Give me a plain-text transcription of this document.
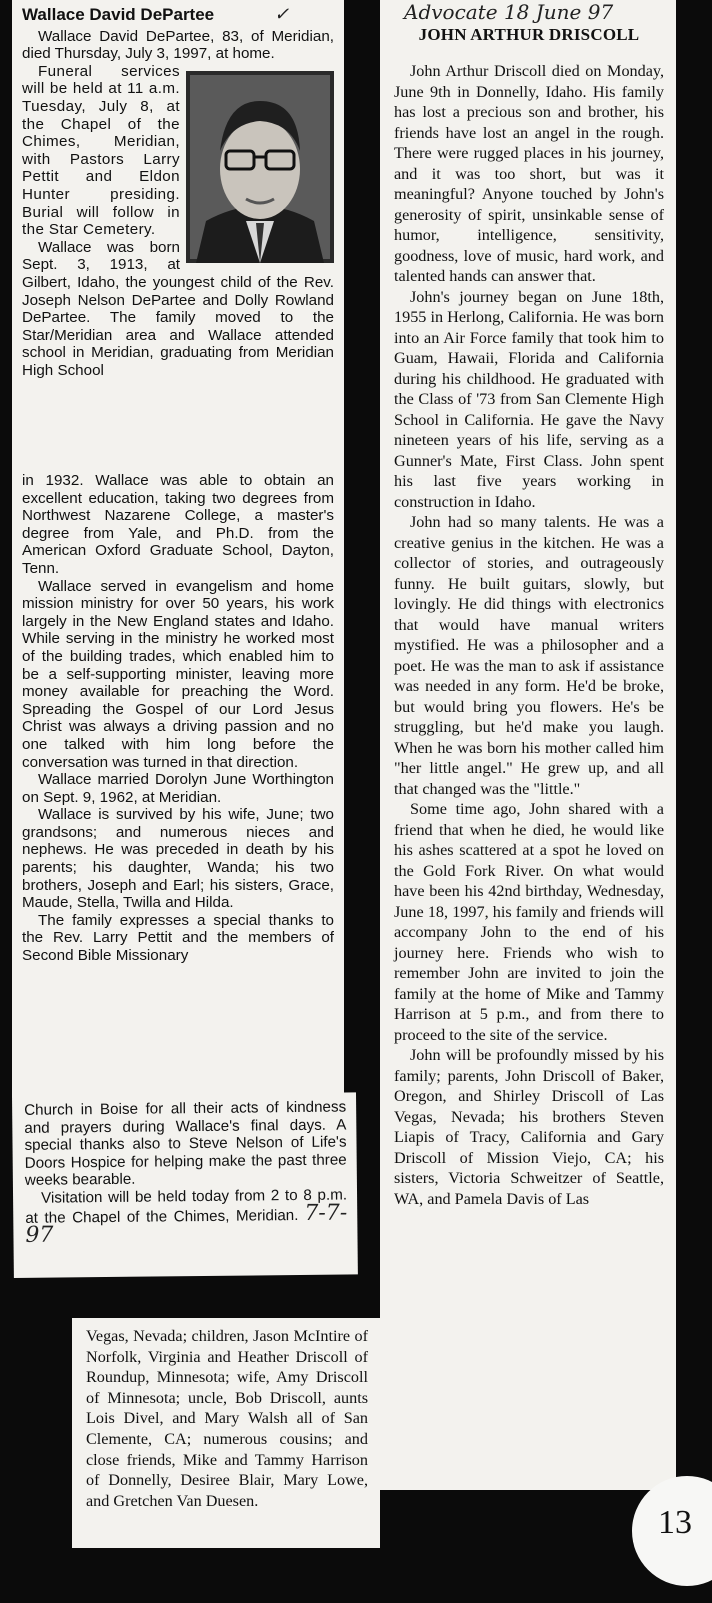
Wallace David DePartee	✓

Wallace David DePartee, 83, of Meridian, died Thursday, July 3, 1997, at home.

Funeral services will be held at 11 a.m. Tuesday, July 8, at the Chapel of the Chimes, Meridian, with Pastors Larry Pettit and Eldon Hunter presiding. Burial will follow in the Star Cemetery.

Wallace was born Sept. 3, 1913, at Gilbert, Idaho, the youngest child of the Rev. Joseph Nelson DePartee and Dolly Rowland DePartee. The family moved to the Star/Meridian area and Wallace attended school in Meridian, graduating from Meridian High School

in 1932. Wallace was able to obtain an excellent education, taking two degrees from Northwest Nazarene College, a master's degree from Yale, and Ph.D. from the American Oxford Graduate School, Dayton, Tenn.

Wallace served in evangelism and home mission ministry for over 50 years, his work largely in the New England states and Idaho. While serving in the ministry he worked most of the building trades, which enabled him to be a self-supporting minister, leaving more money available for preaching the Word. Spreading the Gospel of our Lord Jesus Christ was always a driving passion and no one talked with him long before the conversation was turned in that direction.

Wallace married Dorolyn June Worthington on Sept. 9, 1962, at Meridian.

Wallace is survived by his wife, June; two grandsons; and numerous nieces and nephews. He was preceded in death by his parents; his daughter, Wanda; his two brothers, Joseph and Earl; his sisters, Grace, Maude, Stella, Twilla and Hilda.

The family expresses a special thanks to the Rev. Larry Pettit and the members of Second Bible Missionary

Church in Boise for all their acts of kindness and prayers during Wallace's final days. A special thanks also to Steve Nelson of Life's Doors Hospice for helping make the past three weeks bearable.

Visitation will be held today from 2 to 8 p.m. at the Chapel of the Chimes, Meridian. 7-7-97

Advocate 18 June 97
JOHN ARTHUR DRISCOLL

John Arthur Driscoll died on Monday, June 9th in Donnelly, Idaho. His family has lost a precious son and brother, his friends have lost an angel in the rough. There were rugged places in his journey, and it was too short, but was it meaningful? Anyone touched by John's generosity of spirit, unsinkable sense of humor, intelligence, sensitivity, goodness, love of music, hard work, and talented hands can answer that.

John's journey began on June 18th, 1955 in Herlong, California. He was born into an Air Force family that took him to Guam, Hawaii, Florida and California during his childhood. He graduated with the Class of '73 from San Clemente High School in California. He gave the Navy nineteen years of his life, serving as a Gunner's Mate, First Class. John spent his last five years working in construction in Idaho.

John had so many talents. He was a creative genius in the kitchen. He was a collector of stories, and outrageously funny. He built guitars, slowly, but lovingly. He did things with electronics that would have manual writers mystified. He was a philosopher and a poet. He was the man to ask if assistance was needed in any form. He'd be broke, but would bring you flowers. He's be struggling, but he'd make you laugh. When he was born his mother called him "her little angel." He grew up, and all that changed was the "little."

Some time ago, John shared with a friend that when he died, he would like his ashes scattered at a spot he loved on the Gold Fork River. On what would have been his 42nd birthday, Wednesday, June 18, 1997, his family and friends will accompany John to the end of his journey here. Friends who wish to remember John are invited to join the family at the home of Mike and Tammy Harrison at 5 p.m., and from there to proceed to the site of the service.

John will be profoundly missed by his family; parents, John Driscoll of Baker, Oregon, and Shirley Driscoll of Las Vegas, Nevada; his brothers Steven Liapis of Tracy, California and Gary Driscoll of Mission Viejo, CA; his sisters, Victoria Schweitzer of Seattle, WA, and Pamela Davis of Las

Vegas, Nevada; children, Jason McIntire of Norfolk, Virginia and Heather Driscoll of Roundup, Minnesota; wife, Amy Driscoll of Minnesota; uncle, Bob Driscoll, aunts Lois Divel, and Mary Walsh all of San Clemente, CA; numerous cousins; and close friends, Mike and Tammy Harrison of Donnelly, Desiree Blair, Mary Lowe, and Gretchen Van Duesen.

13
